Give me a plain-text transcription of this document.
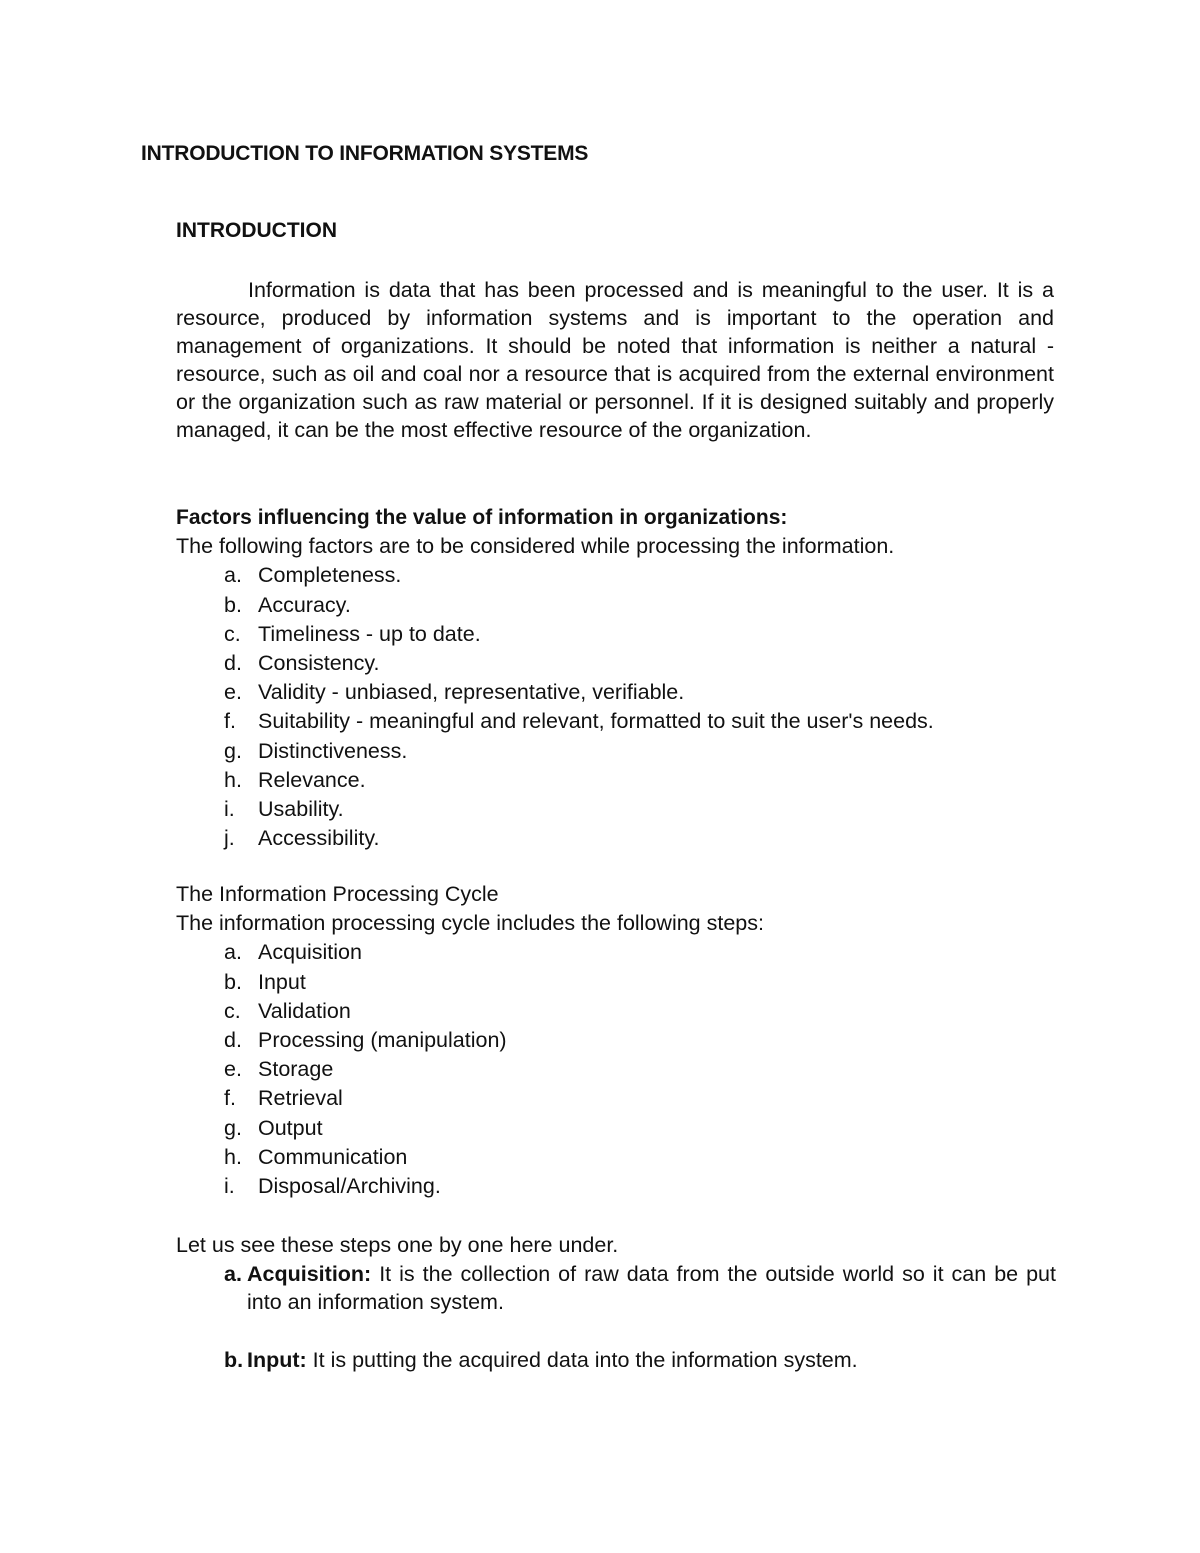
INTRODUCTION TO INFORMATION SYSTEMS
INTRODUCTION

Information is data that has been processed and is meaningful to the user. It is a resource, produced by information systems and is important to the operation and management of organizations. It should be noted that information is neither a natural -resource, such as oil and coal nor a resource that is acquired from the external environment or the organization such as raw material or personnel. If it is designed suitably and properly managed, it can be the most effective resource of the organization.

Factors influencing the value of information in organizations:

The following factors are to be considered while processing the information.

a. Completeness.
b. Accuracy.
c. Timeliness - up to date.
d. Consistency.
e. Validity - unbiased, representative, verifiable.
f. Suitability - meaningful and relevant, formatted to suit the user's needs.
g. Distinctiveness.
h. Relevance.
i. Usability.
j. Accessibility.

The Information Processing Cycle

The information processing cycle includes the following steps:

a. Acquisition
b. Input
c. Validation
d. Processing (manipulation)
e. Storage
f. Retrieval
g. Output
h. Communication
i. Disposal/Archiving.

Let us see these steps one by one here under.

a. Acquisition: It is the collection of raw data from the outside world so it can be put into an information system.

b. Input: It is putting the acquired data into the information system.
